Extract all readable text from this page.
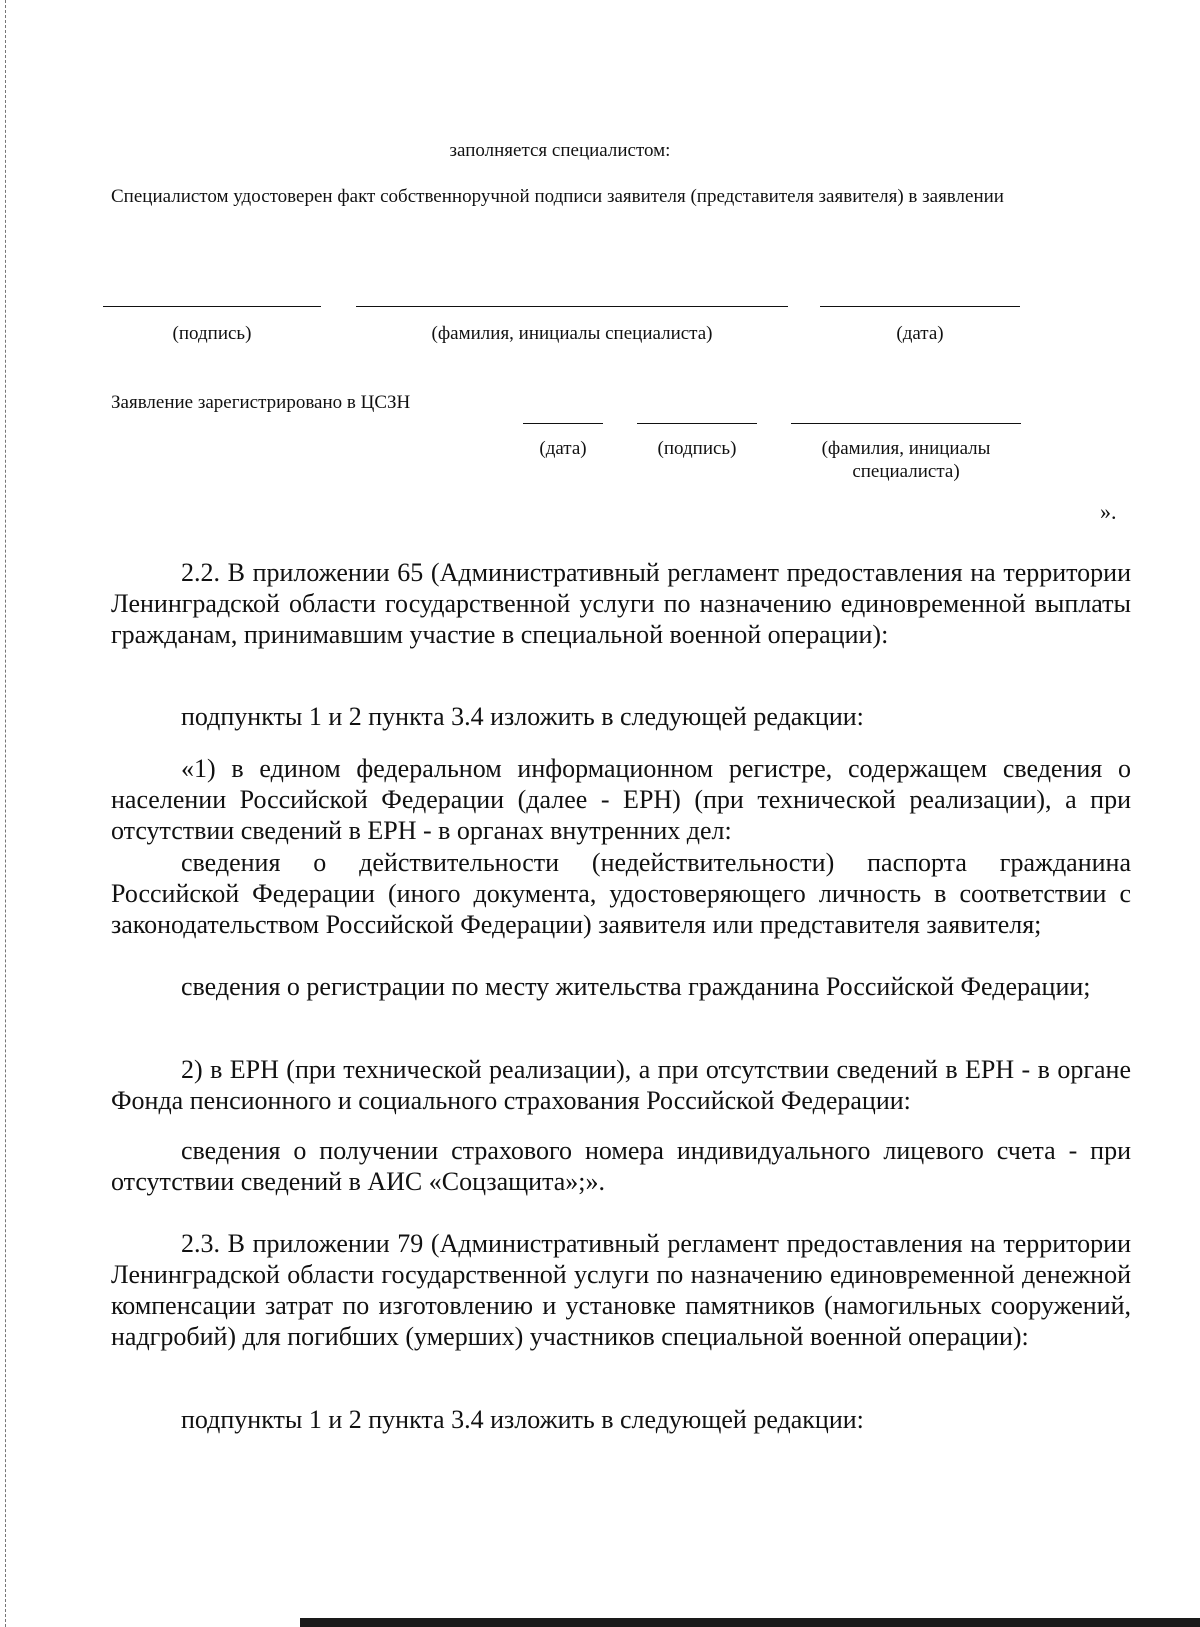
заполняется специалистом:
Специалистом удостоверен факт собственноручной подписи заявителя (представителя заявителя) в заявлении
(подпись)	(фамилия, инициалы специалиста)	(дата)
Заявление зарегистрировано в ЦСЗН
(дата)	(подпись)	(фамилия, инициалы специалиста)
».
2.2. В приложении 65 (Административный регламент предоставления на территории Ленинградской области государственной услуги по назначению единовременной выплаты гражданам, принимавшим участие в специальной военной операции):
подпункты 1 и 2 пункта 3.4 изложить в следующей редакции:
«1) в едином федеральном информационном регистре, содержащем сведения о населении Российской Федерации (далее - ЕРН) (при технической реализации), а при отсутствии сведений в ЕРН - в органах внутренних дел:
сведения о действительности (недействительности) паспорта гражданина Российской Федерации (иного документа, удостоверяющего личность в соответствии с законодательством Российской Федерации) заявителя или представителя заявителя;
сведения о регистрации по месту жительства гражданина Российской Федерации;
2) в ЕРН (при технической реализации), а при отсутствии сведений в ЕРН - в органе Фонда пенсионного и социального страхования Российской Федерации:
сведения о получении страхового номера индивидуального лицевого счета - при отсутствии сведений в АИС «Соцзащита»;».
2.3. В приложении 79 (Административный регламент предоставления на территории Ленинградской области государственной услуги по назначению единовременной денежной компенсации затрат по изготовлению и установке памятников (намогильных сооружений, надгробий) для погибших (умерших) участников специальной военной операции):
подпункты 1 и 2 пункта 3.4 изложить в следующей редакции:
